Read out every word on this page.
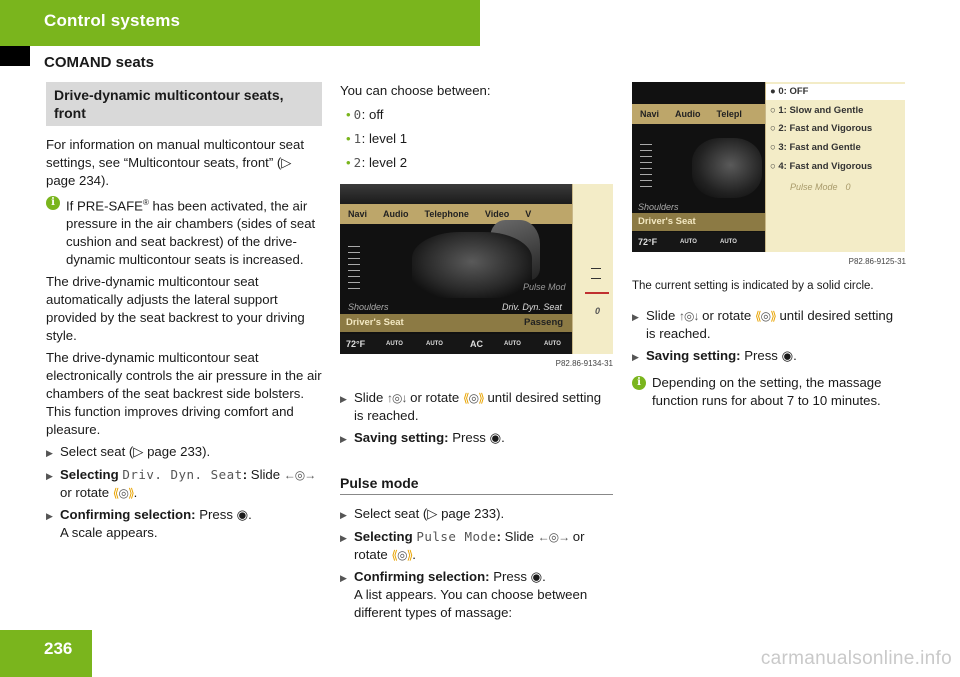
Control systems
COMAND seats
Drive-dynamic multicontour seats, front

For information on manual multicontour seat settings, see “Multicontour seats, front” (▷ page 234).

i If PRE-SAFE® has been activated, the air pressure in the air chambers (sides of seat cushion and seat backrest) of the drive-dynamic multicontour seats is increased.

The drive-dynamic multicontour seat automatically adjusts the lateral support provided by the seat backrest to your driving style.

The drive-dynamic multicontour seat electronically controls the air pressure in the air chambers of the seat backrest side bolsters. This function improves driving comfort and pleasure.

▶ Select seat (▷ page 233).
▶ Selecting Driv. Dyn. Seat: Slide ←◎→
or rotate ⟪◎⟫.
▶ Confirming selection: Press ◉.
A scale appears.

You can choose between:

• 0: off
• 1: level 1
• 2: level 2
Navi	Audio	Telephone	Video	V
Pulse Mod
Shoulders	Driv. Dyn. Seat
Driver's Seat	Passeng
72°F	AUTO	AUTO	AC	AUTO	AUTO
0
P82.86-9134-31
▶ Slide ↑◎↓ or rotate ⟪◎⟫ until desired setting is reached.
▶ Saving setting: Press ◉.
Pulse mode
▶ Select seat (▷ page 233).
▶ Selecting Pulse Mode: Slide ←◎→ or rotate ⟪◎⟫.
▶ Confirming selection: Press ◉.
A list appears. You can choose between different types of massage:
Navi	Audio	Telepl
Shoulders
Driver's Seat
72°F	AUTO	AUTO
● 0: OFF
○ 1: Slow and Gentle
○ 2: Fast and Vigorous
○ 3: Fast and Gentle
○ 4: Fast and Vigorous
Pulse Mode 0
P82.86-9125-31

The current setting is indicated by a solid circle.

▶ Slide ↑◎↓ or rotate ⟪◎⟫ until desired setting is reached.
▶ Saving setting: Press ◉.
i Depending on the setting, the massage function runs for about 7 to 10 minutes.
236	carmanualsonline.info
